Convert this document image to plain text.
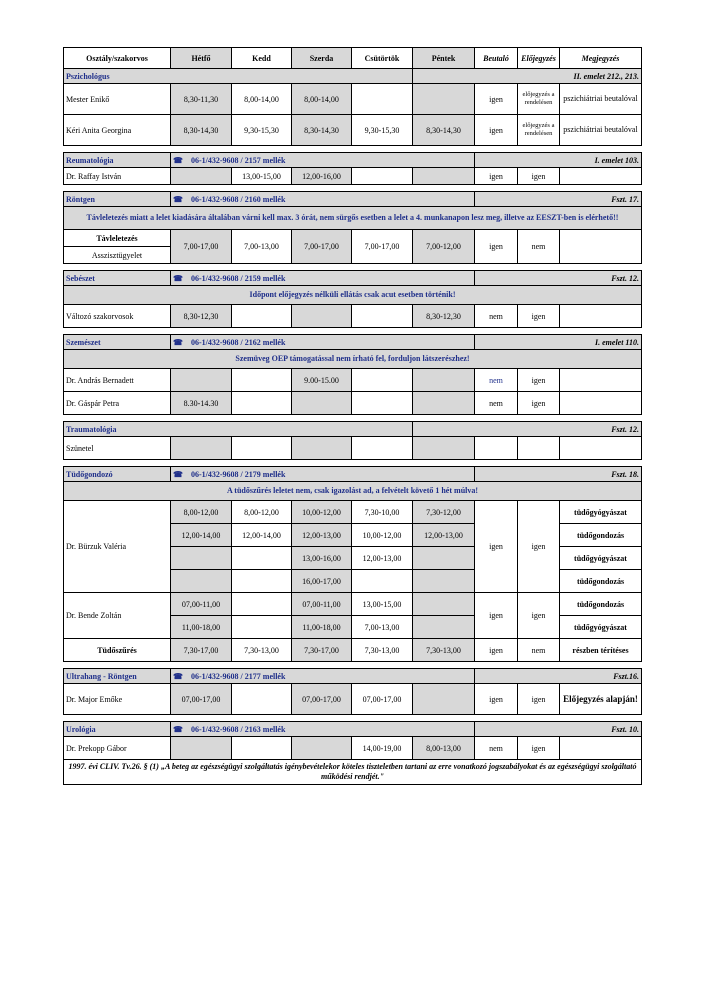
Osztály/szakorvos	Hétfő	Kedd	Szerda	Csütörtök	Péntek	Beutaló	Előjegyzés	Megjegyzés
Pszichológus					II. emelet 212., 213.			
Mester Enikő	8,30-11,30	8,00-14,00	8,00-14,00			igen	előjegyzés a rendelésen	pszichiátriai beutalóval
Kéri Anita Georgina	8,30-14,30	9,30-15,30	8,30-14,30	9,30-15,30	8,30-14,30	igen	előjegyzés a rendelésen	pszichiátriai beutalóval

Reumatológia	☎ 06-1/432-9608 / 2157 mellék					I. emelet 103.		
Dr. Raffay István		13,00-15,00	12,00-16,00			igen	igen	

Röntgen	☎ 06-1/432-9608 / 2160 mellék					Fszt. 17.		
Távleletezés miatt a lelet kiadására általában várni kell max. 3 órát, nem sürgős esetben a lelet a 4. munkanapon lesz meg, illetve az EESZT-ben is elérhető!!								
Távleletezés	7,00-17,00	7,00-13,00	7,00-17,00	7,00-17,00	7,00-12,00	igen	nem	
Asszisztügyelet								

Sebészet	☎ 06-1/432-9608 / 2159 mellék					Fszt. 12.		
Időpont előjegyzés nélküli ellátás csak acut esetben történik!								
Változó szakorvosok	8,30-12,30				8,30-12,30	nem	igen	

Szemészet	☎ 06-1/432-9608 / 2162 mellék					I. emelet 110.		
Szemüveg OEP támogatással nem írható fel, forduljon látszerészhez!								
Dr. András Bernadett			9.00-15.00			nem	igen	
Dr. Gáspár Petra	8.30-14.30					nem	igen	

Traumatológia					Fszt. 12.			
Szünetel								

Tüdőgondozó	☎ 06-1/432-9608 / 2179 mellék					Fszt. 18.		
A tüdőszűrés leletet nem, csak igazolást ad, a felvételt követő 1 hét múlva!								
Dr. Bürzuk Valéria	8,00-12,00	8,00-12,00	10,00-12,00	7,30-10,00	7,30-12,00	igen	igen	tüdőgyógyászat
	12,00-14,00	12,00-14,00	12,00-13,00	10,00-12,00	12,00-13,00			tüdőgondozás
			13,00-16,00	12,00-13,00				tüdőgyógyászat
			16,00-17,00					tüdőgondozás
Dr. Bende Zoltán	07,00-11,00		07,00-11,00	13,00-15,00		igen	igen	tüdőgondozás
	11,00-18,00		11,00-18,00	7,00-13,00				tüdőgyógyászat
Tüdőszűrés	7,30-17,00	7,30-13,00	7,30-17,00	7,30-13,00	7,30-13,00	igen	nem	részben térítéses

Ultrahang - Röntgen	☎ 06-1/432-9608 / 2177 mellék					Fszt.16.		
Dr. Major Emőke	07,00-17,00		07,00-17,00	07,00-17,00		igen	igen	Előjegyzés alapján!

Urológia	☎ 06-1/432-9608 / 2163 mellék					Fszt. 10.		
Dr. Prekopp Gábor				14,00-19,00	8,00-13,00	nem	igen	
1997. évi CLIV. Tv.26. § (1) „A beteg az egészségügyi szolgáltatás igénybevételekor köteles tiszteletben tartani az erre vonatkozó jogszabályokat és az egészségügyi szolgáltató működési rendjét."								
